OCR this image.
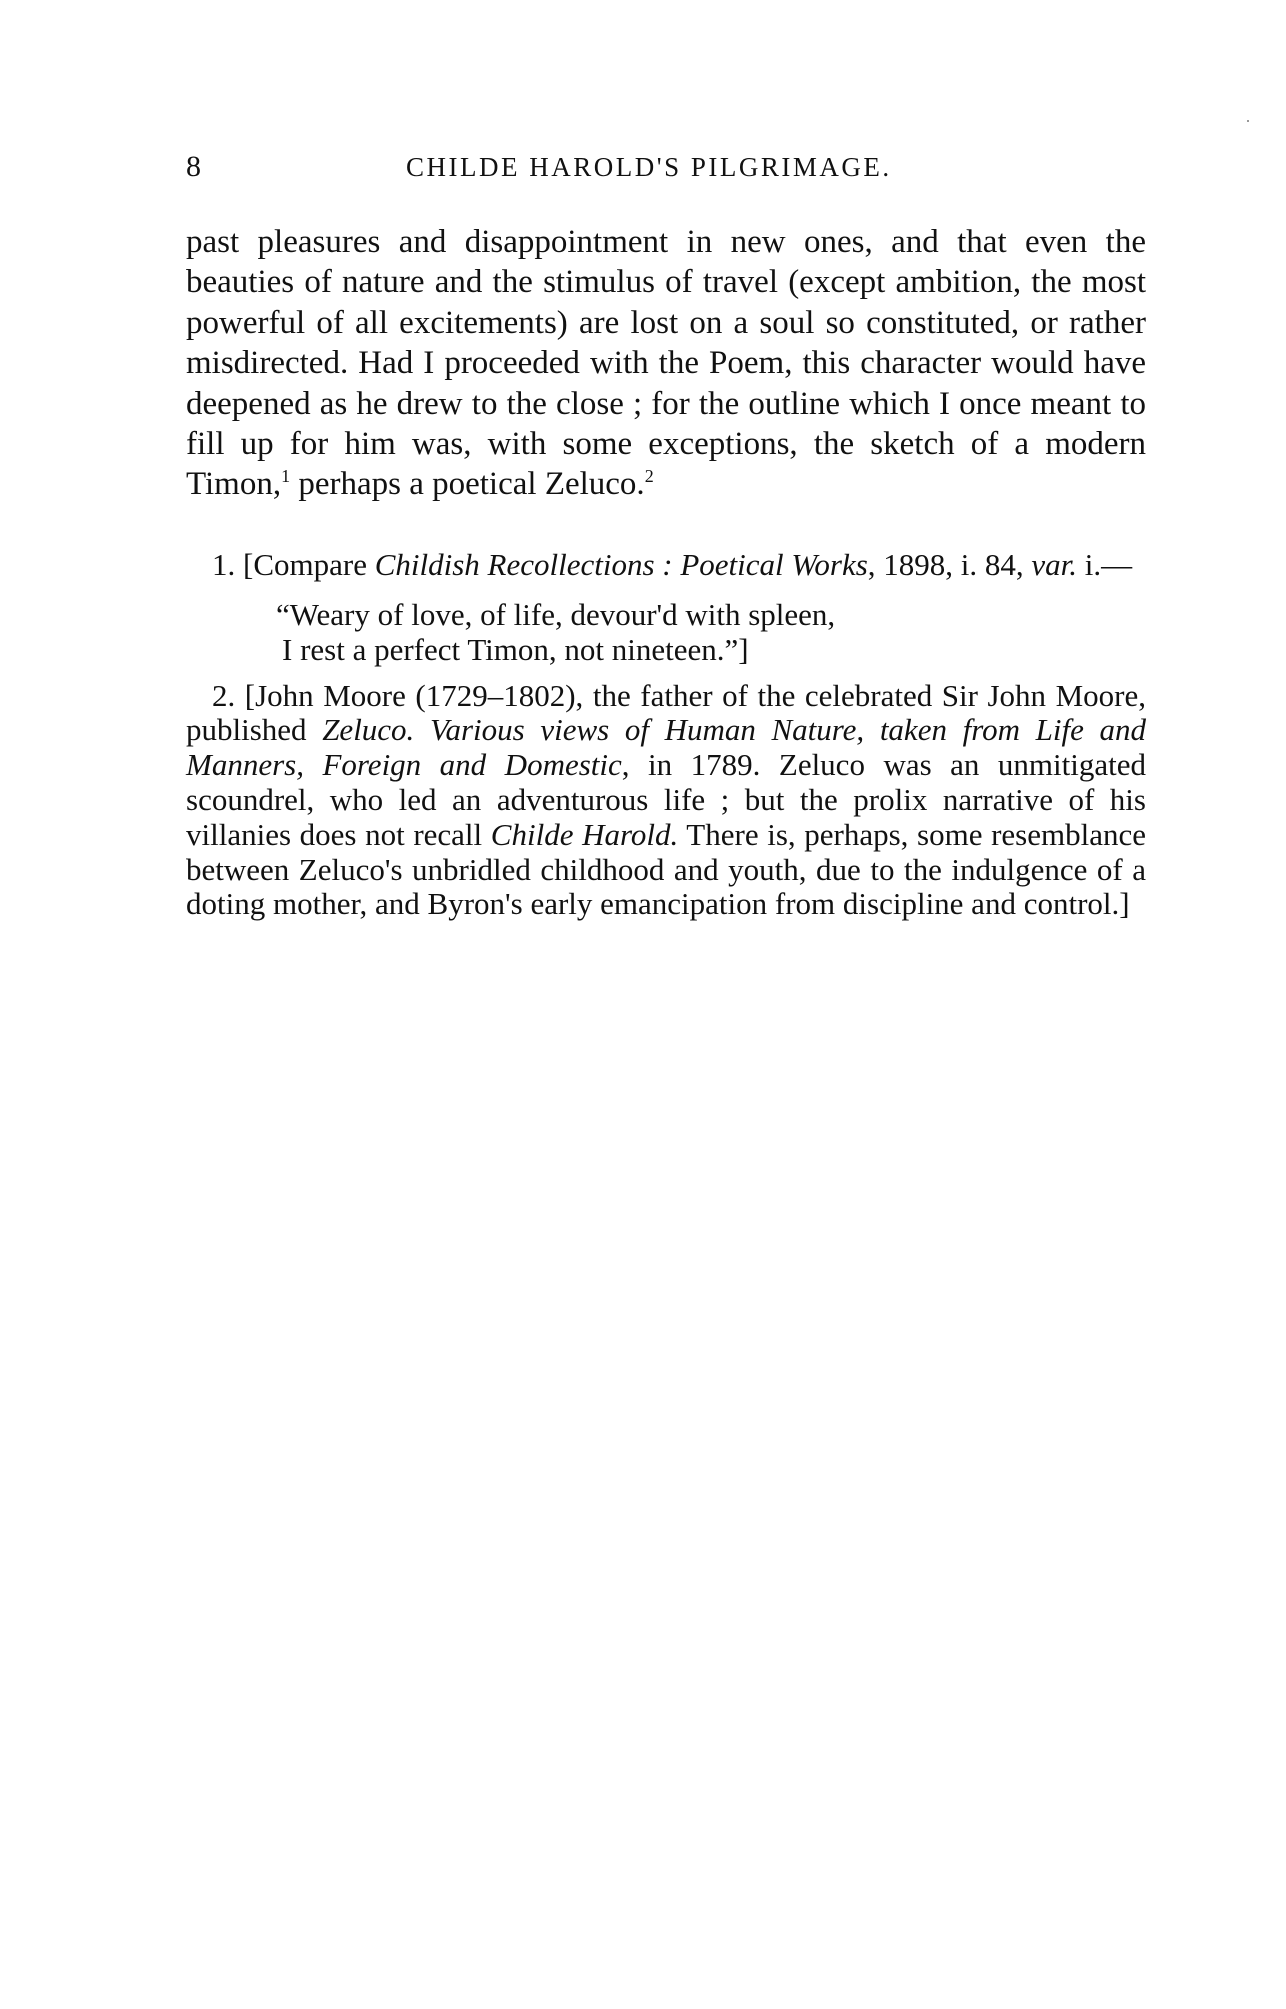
8	CHILDE HAROLD'S PILGRIMAGE.

past pleasures and disappointment in new ones, and that even the beauties of nature and the stimulus of travel (except ambition, the most powerful of all excitements) are lost on a soul so constituted, or rather misdirected. Had I proceeded with the Poem, this character would have deepened as he drew to the close ; for the outline which I once meant to fill up for him was, with some exceptions, the sketch of a modern Timon,$^1$ perhaps a poetical Zeluco.$^2$

1. [Compare Childish Recollections : Poetical Works, 1898, i. 84, var. i.—

“Weary of love, of life, devour'd with spleen,
I rest a perfect Timon, not nineteen.”]

2. [John Moore (1729–1802), the father of the celebrated Sir John Moore, published Zeluco. Various views of Human Nature, taken from Life and Manners, Foreign and Domestic, in 1789. Zeluco was an unmitigated scoundrel, who led an adventurous life ; but the prolix narrative of his villanies does not recall Childe Harold. There is, perhaps, some resemblance between Zeluco's unbridled childhood and youth, due to the indulgence of a doting mother, and Byron's early emancipation from discipline and control.]
